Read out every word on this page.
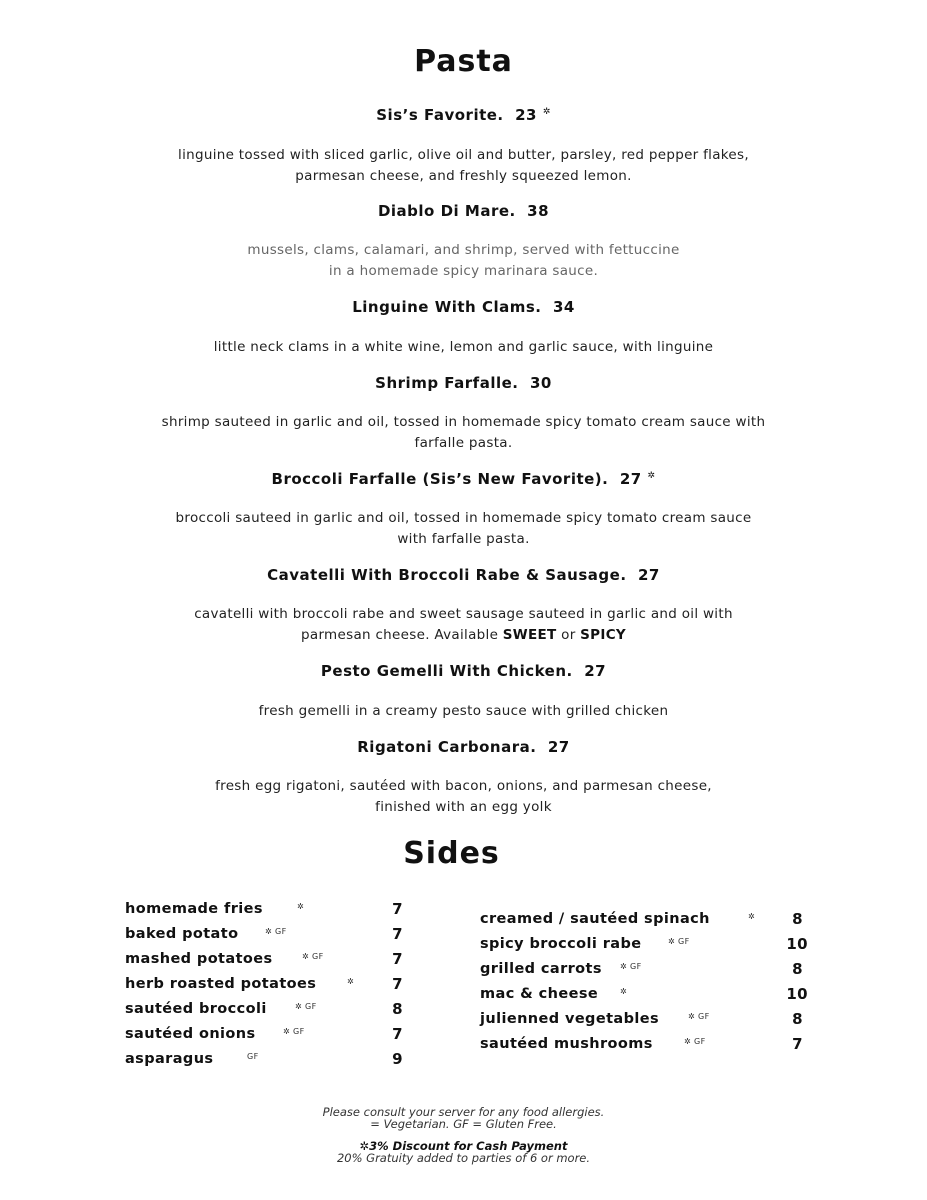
Pasta
Sis’s Favorite. 23 ✲
linguine tossed with sliced garlic, olive oil and butter, parsley, red pepper flakes,
parmesan cheese, and freshly squeezed lemon.
Diablo Di Mare. 38
mussels, clams, calamari, and shrimp, served with fettuccine
in a homemade spicy marinara sauce.
Linguine With Clams. 34
little neck clams in a white wine, lemon and garlic sauce, with linguine
Shrimp Farfalle. 30
shrimp sauteed in garlic and oil, tossed in homemade spicy tomato cream sauce with
farfalle pasta.
Broccoli Farfalle (Sis’s New Favorite). 27 ✲
broccoli sauteed in garlic and oil, tossed in homemade spicy tomato cream sauce
with farfalle pasta.
Cavatelli With Broccoli Rabe & Sausage. 27
cavatelli with broccoli rabe and sweet sausage sauteed in garlic and oil with
parmesan cheese. Available SWEET or SPICY
Pesto Gemelli With Chicken. 27
fresh gemelli in a creamy pesto sauce with grilled chicken
Rigatoni Carbonara. 27
fresh egg rigatoni, sautéed with bacon, onions, and parmesan cheese,
finished with an egg yolk
Sides
homemade fries	✲	7
baked potato	✲ GF	7
mashed potatoes	✲ GF	7
herb roasted potatoes	✲	7
sautéed broccoli	✲ GF	8
sautéed onions	✲ GF	7
asparagus	GF	9
creamed / sautéed spinach	✲	8
spicy broccoli rabe	✲ GF	10
grilled carrots ✲ GF	8
mac & cheese	✲	10
julienned vegetables	✲ GF	8
sautéed mushrooms	✲ GF	7
Please consult your server for any food allergies.
= Vegetarian. GF = Gluten Free.
✲3% Discount for Cash Payment
20% Gratuity added to parties of 6 or more.
